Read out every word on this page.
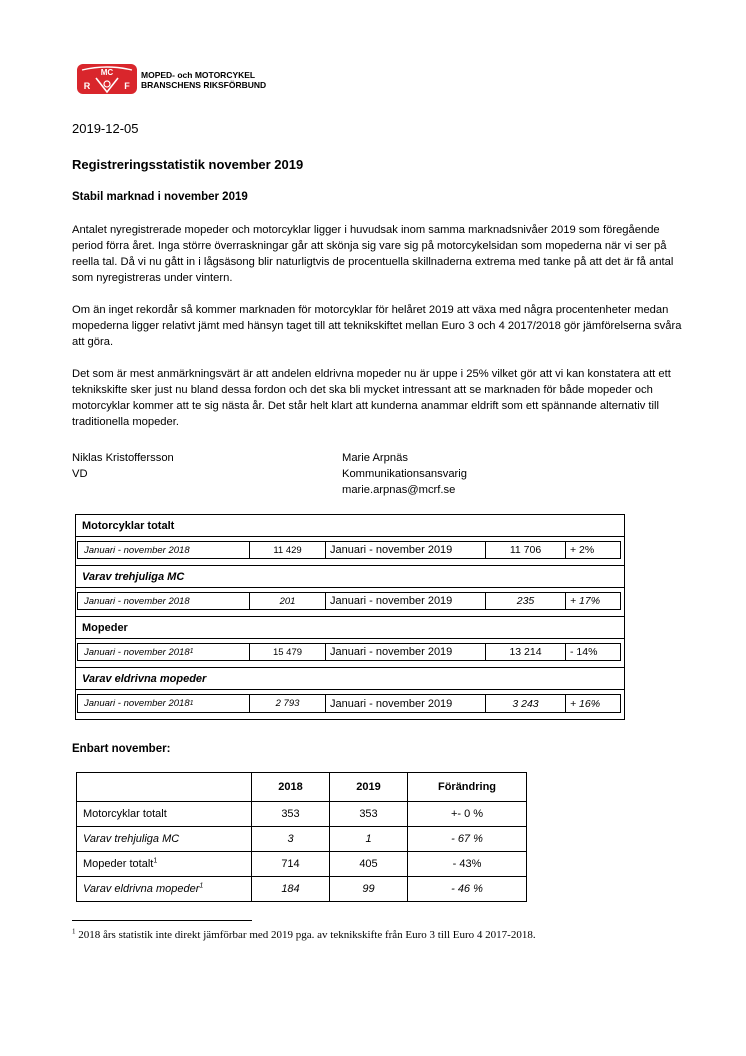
MC
R	F
MOPED- och MOTORCYKEL
BRANSCHENS RIKSFÖRBUND
2019-12-05
Registreringsstatistik november 2019
Stabil marknad i november 2019
Antalet nyregistrerade mopeder och motorcyklar ligger i huvudsak inom samma marknadsnivåer 2019 som föregående period förra året. Inga större överraskningar går att skönja sig vare sig på motorcykelsidan som mopederna när vi ser på reella tal. Då vi nu gått in i lågsäsong blir naturligtvis de procentuella skillnaderna extrema med tanke på att det är få antal som nyregistreras under vintern.
Om än inget rekordår så kommer marknaden för motorcyklar för helåret 2019 att växa med några procentenheter medan mopederna ligger relativt jämt med hänsyn taget till att teknikskiftet mellan Euro 3 och 4 2017/2018 gör jämförelserna svåra att göra.
Det som är mest anmärkningsvärt är att andelen eldrivna mopeder nu är uppe i 25% vilket gör att vi kan konstatera att ett teknikskifte sker just nu bland dessa fordon och det ska bli mycket intressant att se marknaden för både mopeder och motorcyklar kommer att te sig nästa år. Det står helt klart att kunderna anammar eldrift som ett spännande alternativ till traditionella mopeder.
Niklas Kristoffersson
VD
Marie Arpnäs
Kommunikationsansvarig
marie.arpnas@mcrf.se
Motorcyklar totalt
Januari - november 2018	11 429	Januari - november 2019	11 706	+ 2%
Varav trehjuliga MC
Januari - november 2018	201	Januari - november 2019	235	+ 17%
Mopeder
Januari - november 2018 1	15 479	Januari - november 2019	13 214	- 14%
Varav eldrivna mopeder
Januari - november 2018 1	2 793	Januari - november 2019	3 243	+ 16%
Enbart november:
	2018	2019	Förändring
Motorcyklar totalt	353	353	+- 0 %
Varav trehjuliga MC	3	1	- 67 %
Mopeder totalt$^1$	714	405	- 43%
Varav eldrivna mopeder$^1$	184	99	- 46 %
$^1$ 2018 års statistik inte direkt jämförbar med 2019 pga. av teknikskifte från Euro 3 till Euro 4 2017-2018.
